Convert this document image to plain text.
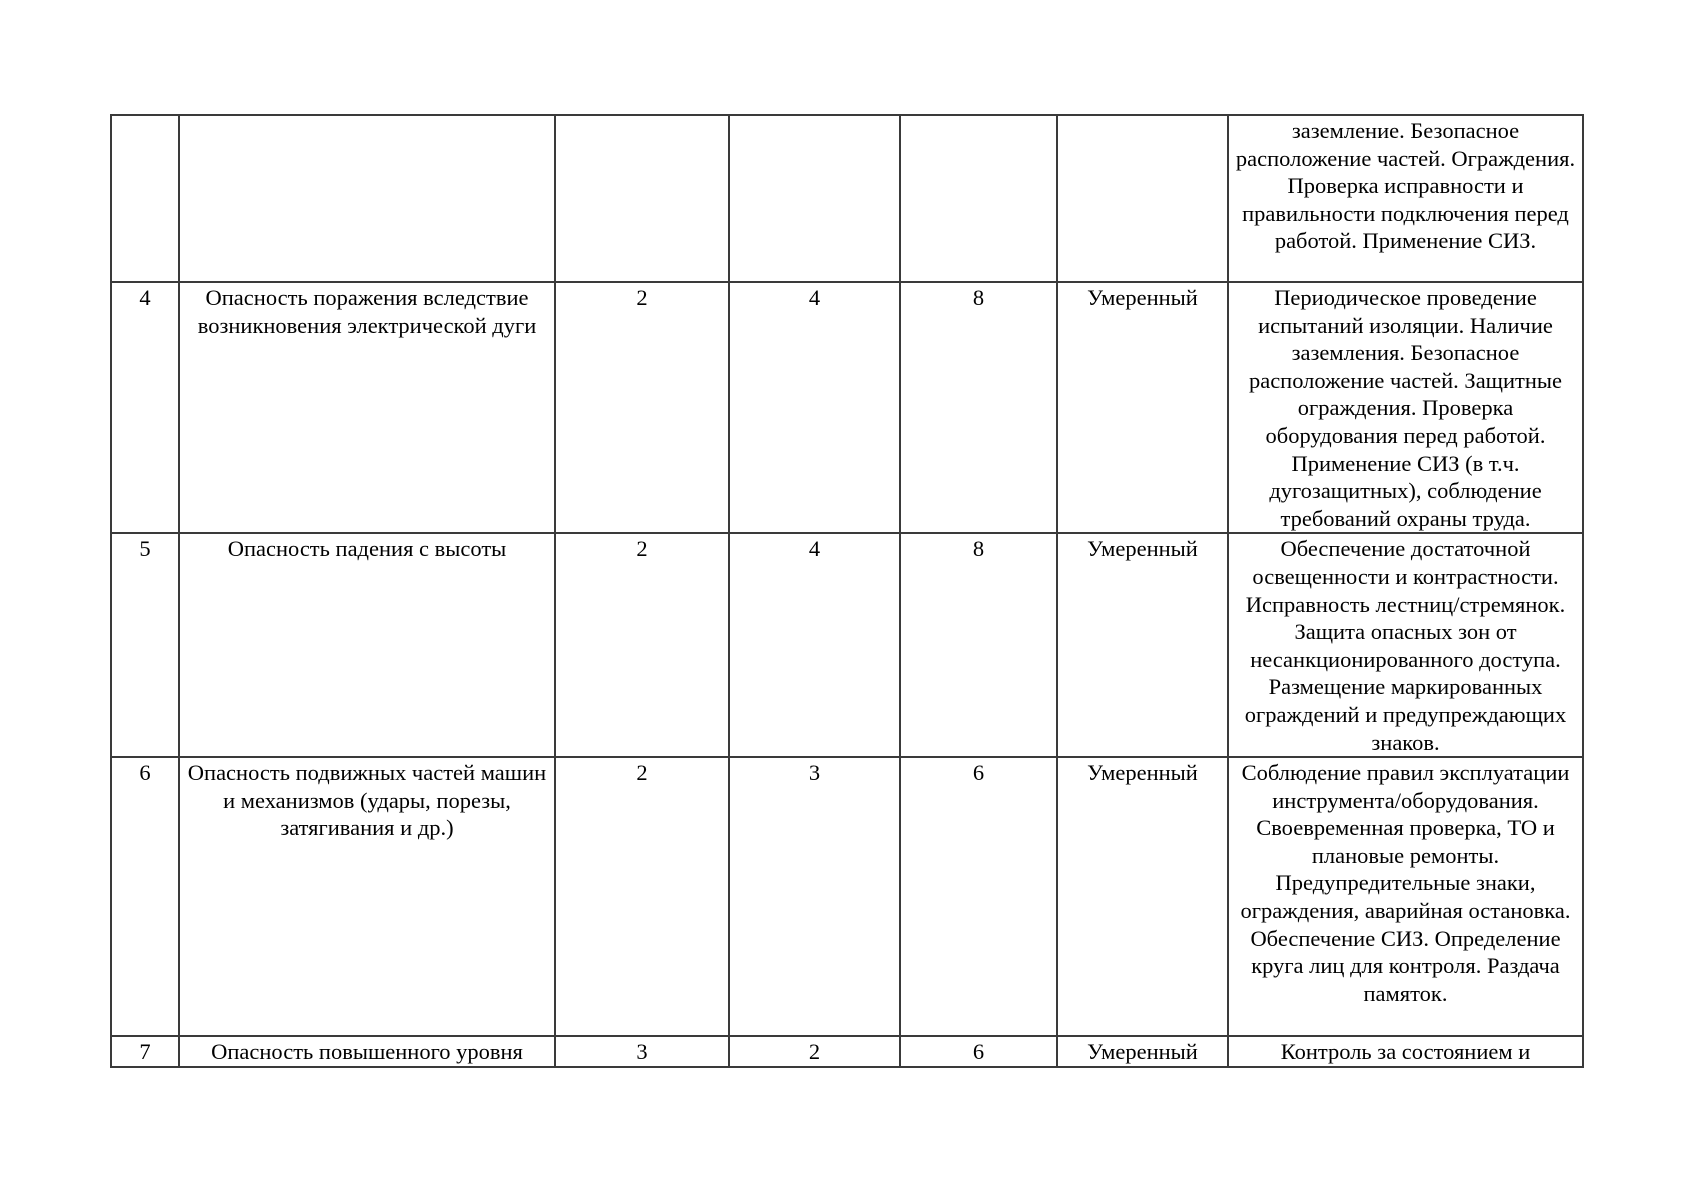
						заземление. Безопасное расположение частей. Ограждения. Проверка исправности и правильности подключения перед работой. Применение СИЗ.
4	Опасность поражения вследствие возникновения электрической дуги	2	4	8	Умеренный	Периодическое проведение испытаний изоляции. Наличие заземления. Безопасное расположение частей. Защитные ограждения. Проверка оборудования перед работой. Применение СИЗ (в т.ч. дугозащитных), соблюдение требований охраны труда.
5	Опасность падения с высоты	2	4	8	Умеренный	Обеспечение достаточной освещенности и контрастности. Исправность лестниц/стремянок. Защита опасных зон от несанкционированного доступа. Размещение маркированных ограждений и предупреждающих знаков.
6	Опасность подвижных частей машин и механизмов (удары, порезы, затягивания и др.)	2	3	6	Умеренный	Соблюдение правил эксплуатации инструмента/оборудования. Своевременная проверка, ТО и плановые ремонты. Предупредительные знаки, ограждения, аварийная остановка. Обеспечение СИЗ. Определение круга лиц для контроля. Раздача памяток.
7	Опасность повышенного уровня	3	2	6	Умеренный	Контроль за состоянием и
